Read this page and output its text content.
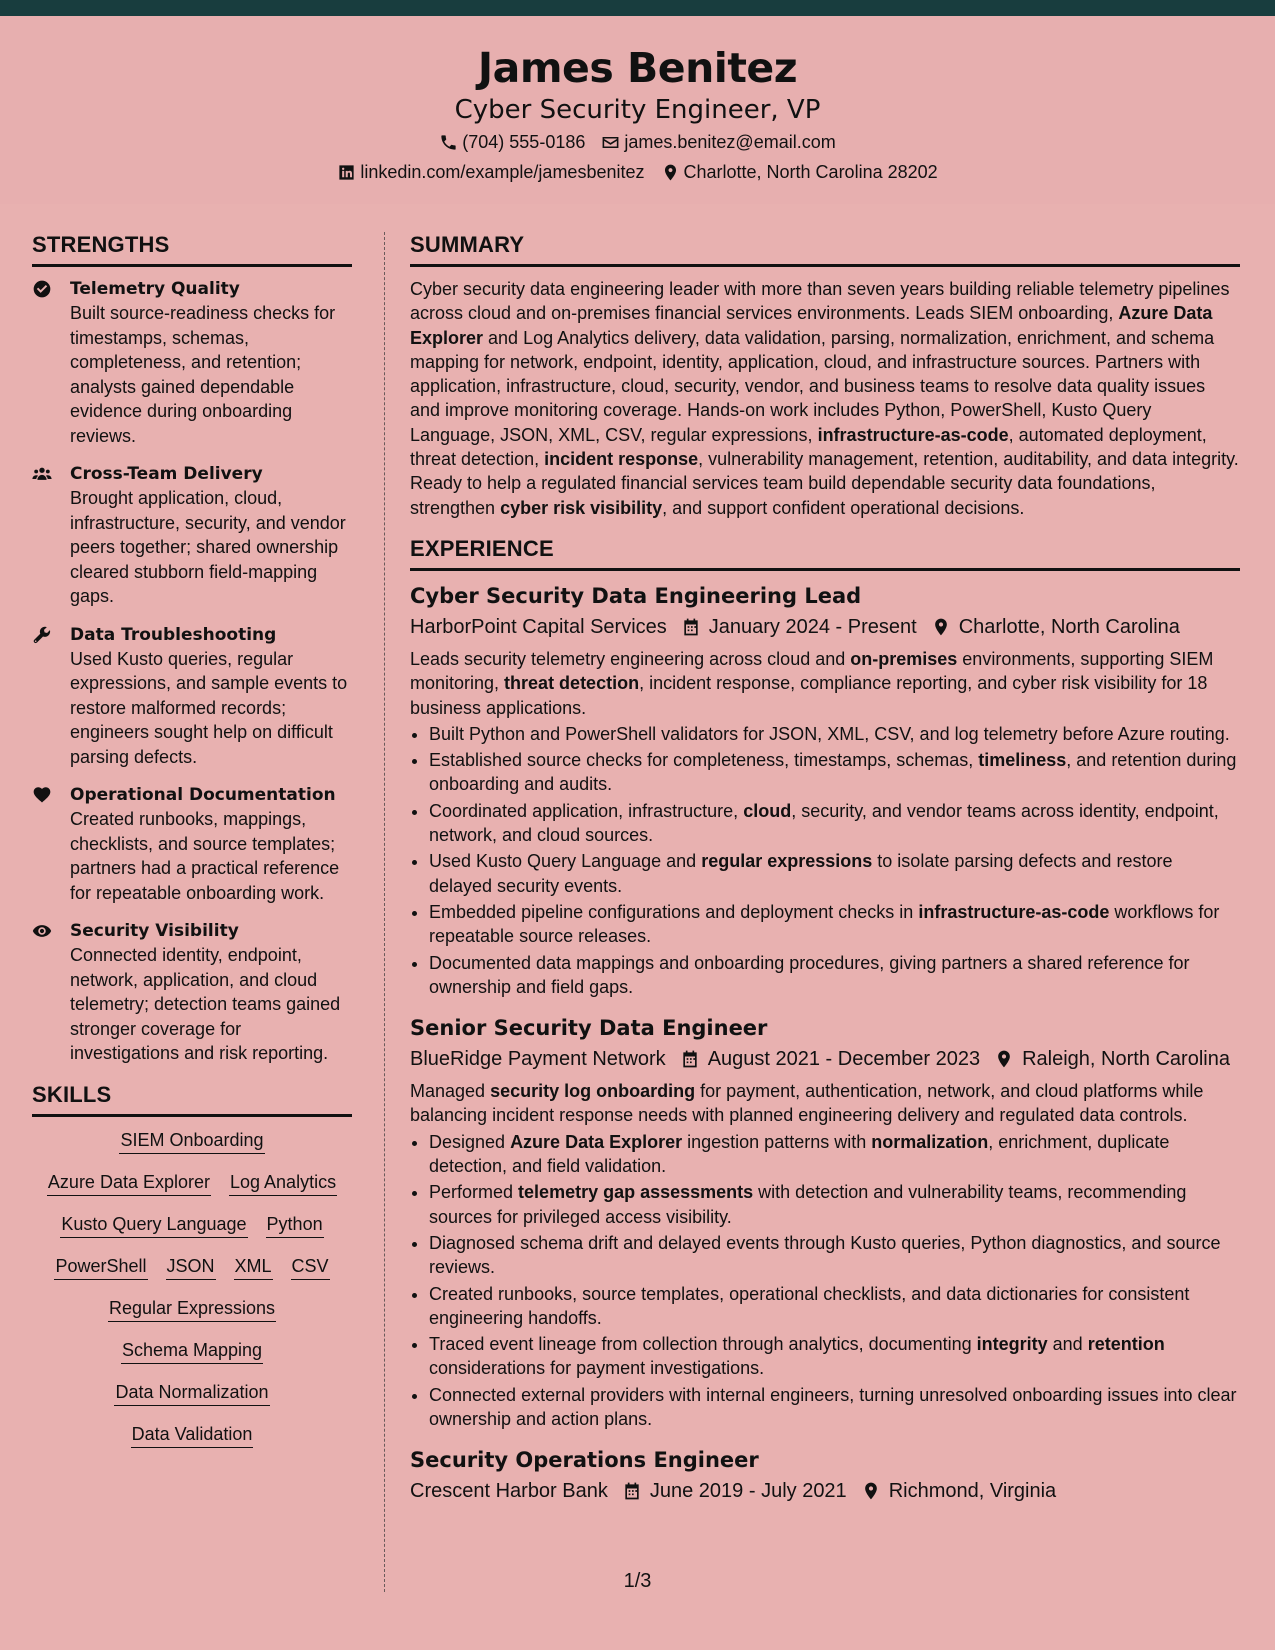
James Benitez
Cyber Security Engineer, VP
(704) 555-0186 james.benitez@email.com
linkedin.com/example/jamesbenitez Charlotte, North Carolina 28202
STRENGTHS
Telemetry Quality
Built source-readiness checks for timestamps, schemas, completeness, and retention; analysts gained dependable evidence during onboarding reviews.
Cross-Team Delivery
Brought application, cloud, infrastructure, security, and vendor peers together; shared ownership cleared stubborn field-mapping gaps.
Data Troubleshooting
Used Kusto queries, regular expressions, and sample events to restore malformed records; engineers sought help on difficult parsing defects.
Operational Documentation
Created runbooks, mappings, checklists, and source templates; partners had a practical reference for repeatable onboarding work.
Security Visibility
Connected identity, endpoint, network, application, and cloud telemetry; detection teams gained stronger coverage for investigations and risk reporting.
SKILLS
SIEM Onboarding
Azure Data Explorer Log Analytics
Kusto Query Language Python
PowerShell JSON XML CSV
Regular Expressions
Schema Mapping
Data Normalization
Data Validation
SUMMARY
Cyber security data engineering leader with more than seven years building reliable telemetry pipelines across cloud and on-premises financial services environments. Leads SIEM onboarding, Azure Data Explorer and Log Analytics delivery, data validation, parsing, normalization, enrichment, and schema mapping for network, endpoint, identity, application, cloud, and infrastructure sources. Partners with application, infrastructure, cloud, security, vendor, and business teams to resolve data quality issues and improve monitoring coverage. Hands-on work includes Python, PowerShell, Kusto Query Language, JSON, XML, CSV, regular expressions, infrastructure-as-code, automated deployment, threat detection, incident response, vulnerability management, retention, auditability, and data integrity. Ready to help a regulated financial services team build dependable security data foundations, strengthen cyber risk visibility, and support confident operational decisions.
EXPERIENCE
Cyber Security Data Engineering Lead
HarborPoint Capital Services January 2024 - Present Charlotte, North Carolina
Leads security telemetry engineering across cloud and on-premises environments, supporting SIEM monitoring, threat detection, incident response, compliance reporting, and cyber risk visibility for 18 business applications.
• Built Python and PowerShell validators for JSON, XML, CSV, and log telemetry before Azure routing.
• Established source checks for completeness, timestamps, schemas, timeliness, and retention during onboarding and audits.
• Coordinated application, infrastructure, cloud, security, and vendor teams across identity, endpoint, network, and cloud sources.
• Used Kusto Query Language and regular expressions to isolate parsing defects and restore delayed security events.
• Embedded pipeline configurations and deployment checks in infrastructure-as-code workflows for repeatable source releases.
• Documented data mappings and onboarding procedures, giving partners a shared reference for ownership and field gaps.
Senior Security Data Engineer
BlueRidge Payment Network August 2021 - December 2023 Raleigh, North Carolina
Managed security log onboarding for payment, authentication, network, and cloud platforms while balancing incident response needs with planned engineering delivery and regulated data controls.
• Designed Azure Data Explorer ingestion patterns with normalization, enrichment, duplicate detection, and field validation.
• Performed telemetry gap assessments with detection and vulnerability teams, recommending sources for privileged access visibility.
• Diagnosed schema drift and delayed events through Kusto queries, Python diagnostics, and source reviews.
• Created runbooks, source templates, operational checklists, and data dictionaries for consistent engineering handoffs.
• Traced event lineage from collection through analytics, documenting integrity and retention considerations for payment investigations.
• Connected external providers with internal engineers, turning unresolved onboarding issues into clear ownership and action plans.
Security Operations Engineer
Crescent Harbor Bank June 2019 - July 2021 Richmond, Virginia
1/3
